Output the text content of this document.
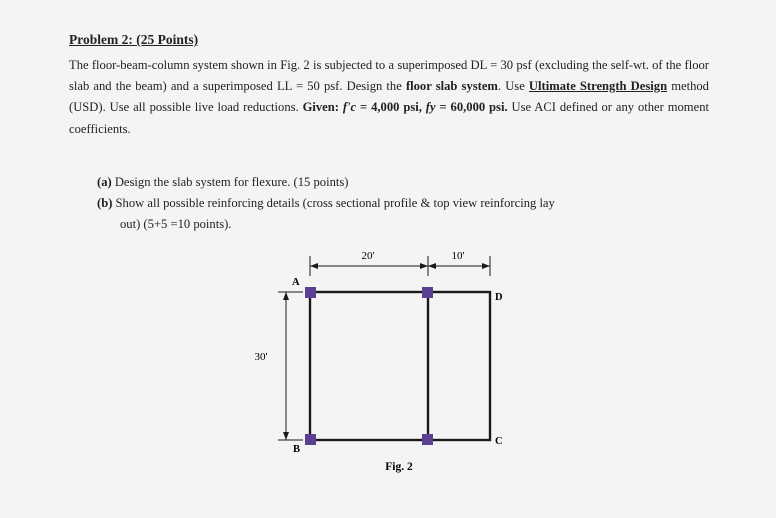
Problem 2: (25 Points)
The floor-beam-column system shown in Fig. 2 is subjected to a superimposed DL = 30 psf (excluding the self-wt. of the floor slab and the beam) and a superimposed LL = 50 psf. Design the floor slab system. Use Ultimate Strength Design method (USD). Use all possible live load reductions. Given: f'c = 4,000 psi, fy = 60,000 psi. Use ACI defined or any other moment coefficients.
(a) Design the slab system for flexure. (15 points)
(b) Show all possible reinforcing details (cross sectional profile & top view reinforcing lay
out) (5+5 =10 points).
20'	10'
30'
A
B
C
D
Fig. 2
